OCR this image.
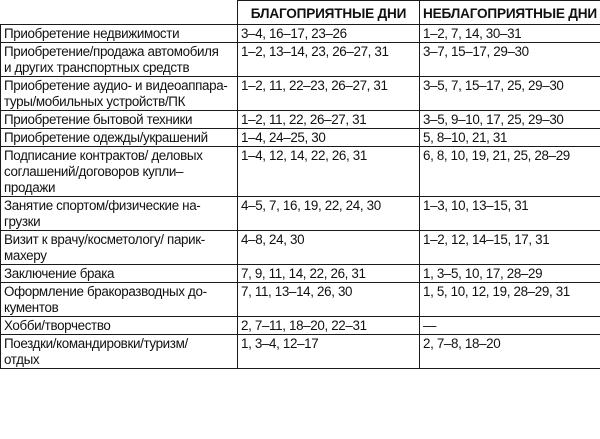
	БЛАГОПРИЯТНЫЕ ДНИ	НЕБЛАГОПРИЯТНЫЕ ДНИ
Приобретение недвижимости	3–4, 16–17, 23–26	1–2, 7, 14, 30–31
Приобретение/продажа автомобиля
и других транспортных средств	1–2, 13–14, 23, 26–27, 31	3–7, 15–17, 29–30
Приобретение аудио- и видеоаппара-
туры/мобильных устройств/ПК	1–2, 11, 22–23, 26–27, 31	3–5, 7, 15–17, 25, 29–30
Приобретение бытовой техники	1–2, 11, 22, 26–27, 31	3–5, 9–10, 17, 25, 29–30
Приобретение одежды/украшений	1–4, 24–25, 30	5, 8–10, 21, 31
Подписание контрактов/ деловых
соглашений/договоров купли–
продажи	1–4, 12, 14, 22, 26, 31	6, 8, 10, 19, 21, 25, 28–29
Занятие спортом/физические на-
грузки	4–5, 7, 16, 19, 22, 24, 30	1–3, 10, 13–15, 31
Визит к врачу/косметологу/ парик-
махеру	4–8, 24, 30	1–2, 12, 14–15, 17, 31
Заключение брака	7, 9, 11, 14, 22, 26, 31	1, 3–5, 10, 17, 28–29
Оформление бракоразводных до-
кументов	7, 11, 13–14, 26, 30	1, 5, 10, 12, 19, 28–29, 31
Хобби/творчество	2, 7–11, 18–20, 22–31	—
Поездки/командировки/туризм/
отдых	1, 3–4, 12–17	2, 7–8, 18–20
